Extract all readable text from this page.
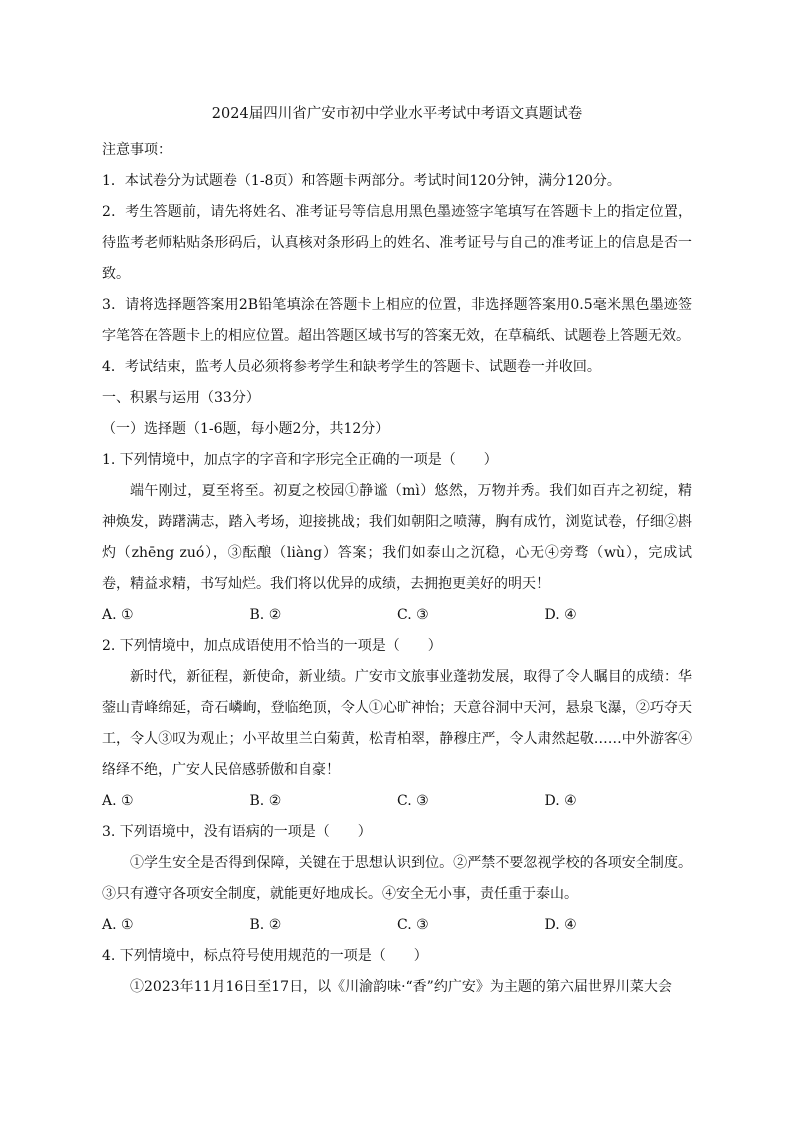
2024届四川省广安市初中学业水平考试中考语文真题试卷

注意事项：

1．本试卷分为试题卷（1-8页）和答题卡两部分。考试时间120分钟，满分120分。

2．考生答题前，请先将姓名、准考证号等信息用黑色墨迹签字笔填写在答题卡上的指定位置，待监考老师粘贴条形码后，认真核对条形码上的姓名、准考证号与自己的准考证上的信息是否一致。

3．请将选择题答案用2B铅笔填涂在答题卡上相应的位置，非选择题答案用0.5毫米黑色墨迹签字笔答在答题卡上的相应位置。超出答题区域书写的答案无效，在草稿纸、试题卷上答题无效。

4．考试结束，监考人员必须将参考学生和缺考学生的答题卡、试题卷一并收回。

一、积累与运用（33分）

（一）选择题（1-6题，每小题2分，共12分）

1. 下列情境中，加点字的字音和字形完全正确的一项是（　　）

端午刚过，夏至将至。初夏之校园①静谧（mì）悠然，万物并秀。我们如百卉之初绽，精神焕发，踌躇满志，踏入考场，迎接挑战；我们如朝阳之喷薄，胸有成竹，浏览试卷，仔细②斟灼（zhēng zuó），③酝酿（liàng）答案；我们如泰山之沉稳，心无④旁骛（wù），完成试卷，精益求精，书写灿烂。我们将以优异的成绩，去拥抱更美好的明天！

A. ①	B. ②	C. ③	D. ④

2. 下列情境中，加点成语使用不恰当的一项是（　　）

新时代，新征程，新使命，新业绩。广安市文旅事业蓬勃发展，取得了令人瞩目的成绩：华蓥山青峰绵延，奇石嶙峋，登临绝顶，令人①心旷神怡；天意谷洞中天河，悬泉飞瀑，②巧夺天工，令人③叹为观止；小平故里兰白菊黄，松青柏翠，静穆庄严，令人肃然起敬……中外游客④络绎不绝，广安人民倍感骄傲和自豪！

A. ①	B. ②	C. ③	D. ④

3. 下列语境中，没有语病的一项是（　　）

①学生安全是否得到保障，关键在于思想认识到位。②严禁不要忽视学校的各项安全制度。③只有遵守各项安全制度，就能更好地成长。④安全无小事，责任重于泰山。

A. ①	B. ②	C. ③	D. ④

4. 下列情境中，标点符号使用规范的一项是（　　）

①2023年11月16日至17日，以《川渝韵味·“香”约广安》为主题的第六届世界川菜大会
